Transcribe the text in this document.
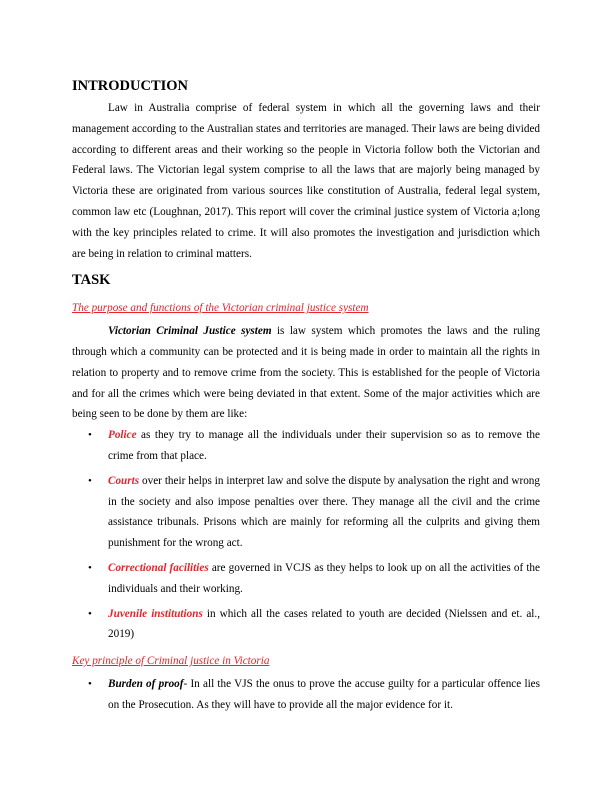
INTRODUCTION

Law in Australia comprise of federal system in which all the governing laws and their management according to the Australian states and territories are managed. Their laws are being divided according to different areas and their working so the people in Victoria follow both the Victorian and Federal laws. The Victorian legal system comprise to all the laws that are majorly being managed by Victoria these are originated from various sources like constitution of Australia, federal legal system, common law etc (Loughnan, 2017). This report will cover the criminal justice system of Victoria a;long with the key principles related to crime. It will also promotes the investigation and jurisdiction which are being in relation to criminal matters.

TASK
The purpose and functions of the Victorian criminal justice system

Victorian Criminal Justice system is law system which promotes the laws and the ruling through which a community can be protected and it is being made in order to maintain all the rights in relation to property and to remove crime from the society. This is established for the people of Victoria and for all the crimes which were being deviated in that extent. Some of the major activities which are being seen to be done by them are like:

• Police as they try to manage all the individuals under their supervision so as to remove the crime from that place.
• Courts over their helps in interpret law and solve the dispute by analysation the right and wrong in the society and also impose penalties over there. They manage all the civil and the crime assistance tribunals. Prisons which are mainly for reforming all the culprits and giving them punishment for the wrong act.
• Correctional facilities are governed in VCJS as they helps to look up on all the activities of the individuals and their working.
• Juvenile institutions in which all the cases related to youth are decided (Nielssen and et. al., 2019)
Key principle of Criminal justice in Victoria
• Burden of proof- In all the VJS the onus to prove the accuse guilty for a particular offence lies on the Prosecution. As they will have to provide all the major evidence for it.
